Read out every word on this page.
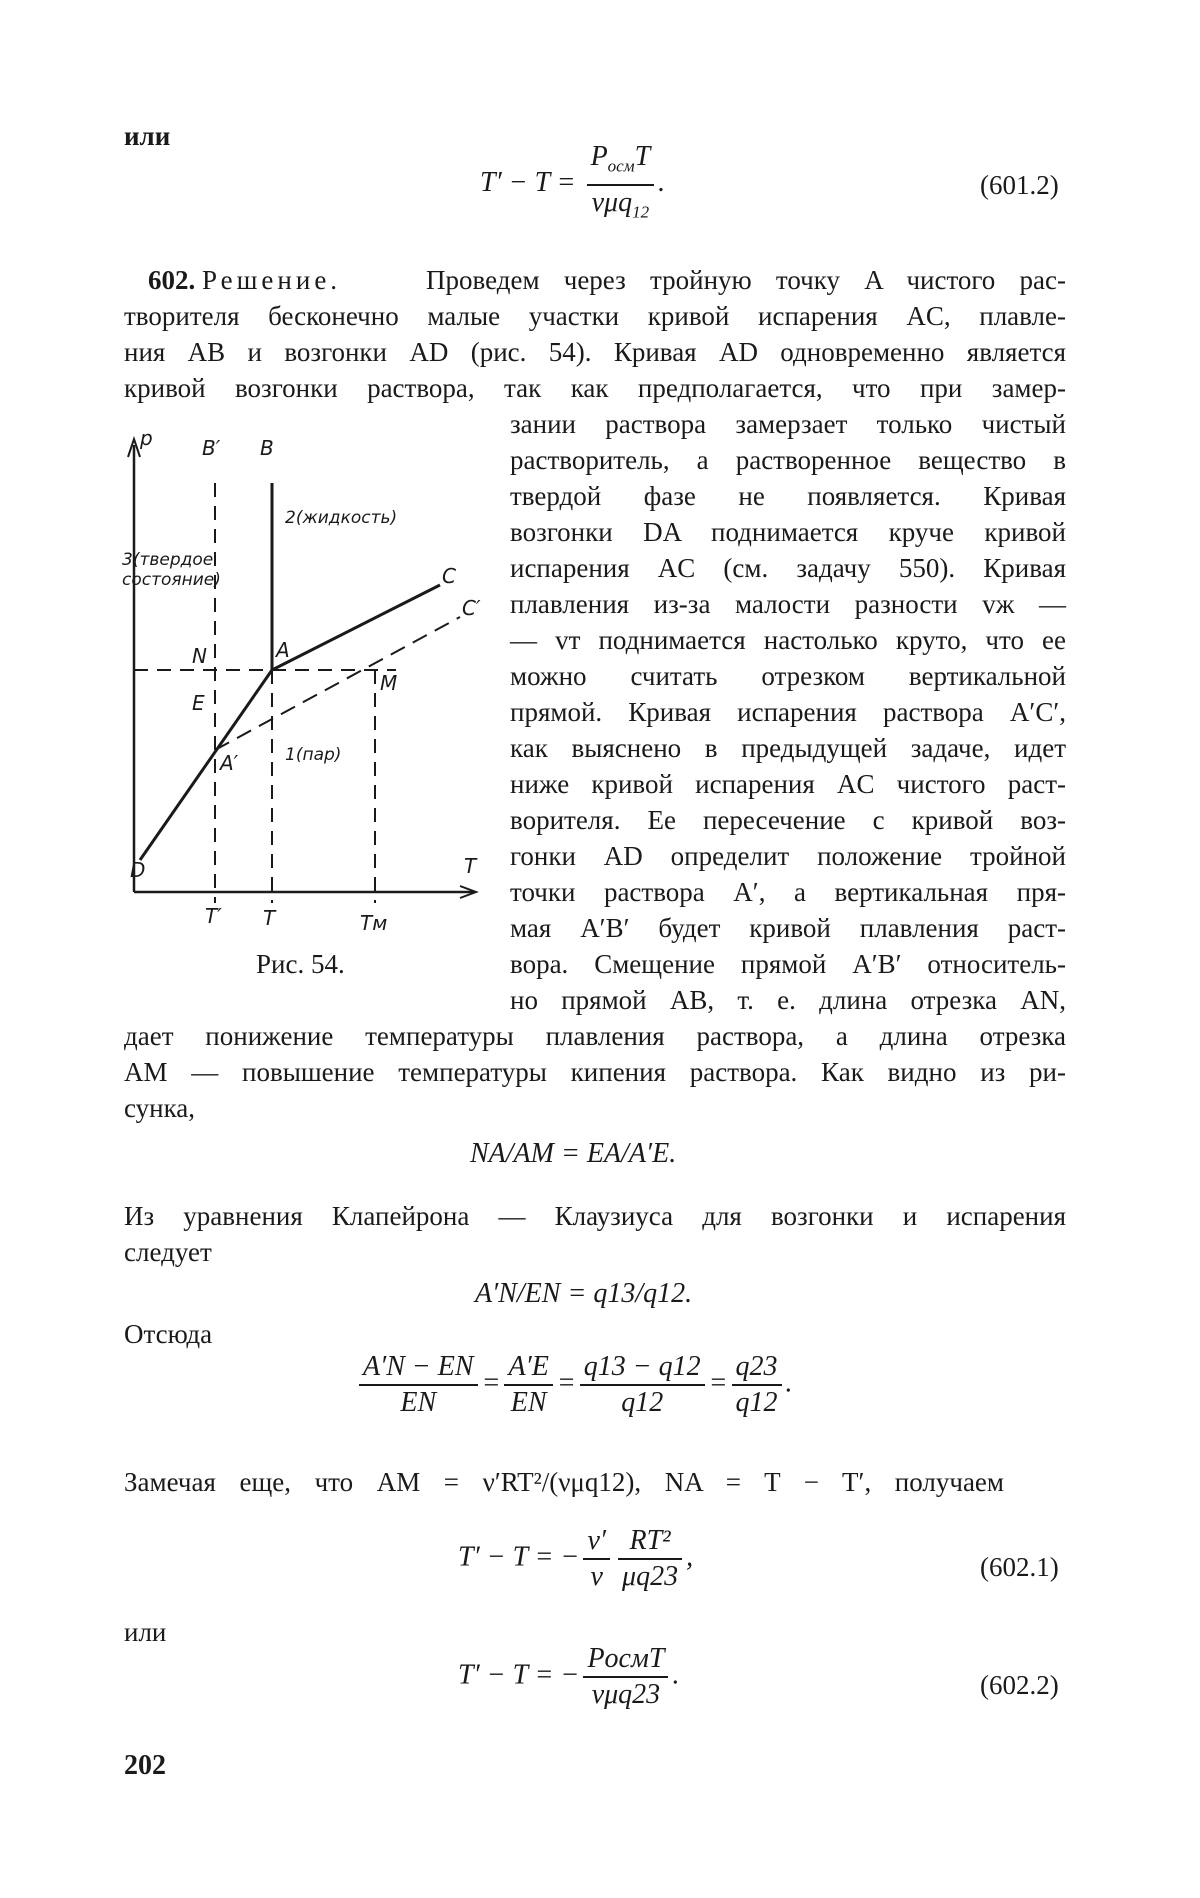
или
$T' - T = \frac{P_{осм}T}{\nu\mu q_{12}}$ .	(601.2)
602. Решение.	Проведем через тройную точку A чистого рас-
творителя бесконечно малые участки кривой испарения AC, плавле-
ния AB и возгонки AD (рис. 54). Кривая AD одновременно является
кривой возгонки раствора, так как предполагается, что при замер-
зании раствора замерзает только чистый
растворитель, а растворенное вещество в
твердой фазе не появляется. Кривая
возгонки DA поднимается круче кривой
испарения AC (см. задачу 550). Кривая
плавления из-за малости разности vж —
— vт поднимается настолько круто, что ее
можно считать отрезком вертикальной
прямой. Кривая испарения раствора A′C′,
как выяснено в предыдущей задаче, идет
ниже кривой испарения AC чистого раст-
ворителя. Ее пересечение с кривой воз-
гонки AD определит положение тройной
точки раствора A′, а вертикальная пря-
мая A′B′ будет кривой плавления раст-
вора. Смещение прямой A′B′ относитель-
но прямой AB, т. е. длина отрезка AN,
p B′ B
2(жидкость)
3(твердое
состояние)	C
C′
N	A
M
E
A′	1(пар)
D	T
T′ T	Tм
Рис. 54.
дает понижение температуры плавления раствора, а длина отрезка
AM — повышение температуры кипения раствора. Как видно из ри-
сунка,
NA/AM = EA/A′E.
Из уравнения Клапейрона — Клаузиуса для возгонки и испарения
следует
A′N/EN = q13/q12.
Отсюда
$\frac{A'N - EN}{EN} = \frac{A'E}{EN} = \frac{q13 - q12}{q12} = \frac{q23}{q12}$ .
Замечая еще, что AM = ν′RT²/(νμq12), NA = T − T′, получаем
T′ − T = − $\frac{\nu'}{\nu} \frac{\text{RT²}}{\mu q23}$ ,	(602.1)
или
T′ − T = − $\frac{\text{PосмT}}{\text{νμq23}}$ .	(602.2)
202
